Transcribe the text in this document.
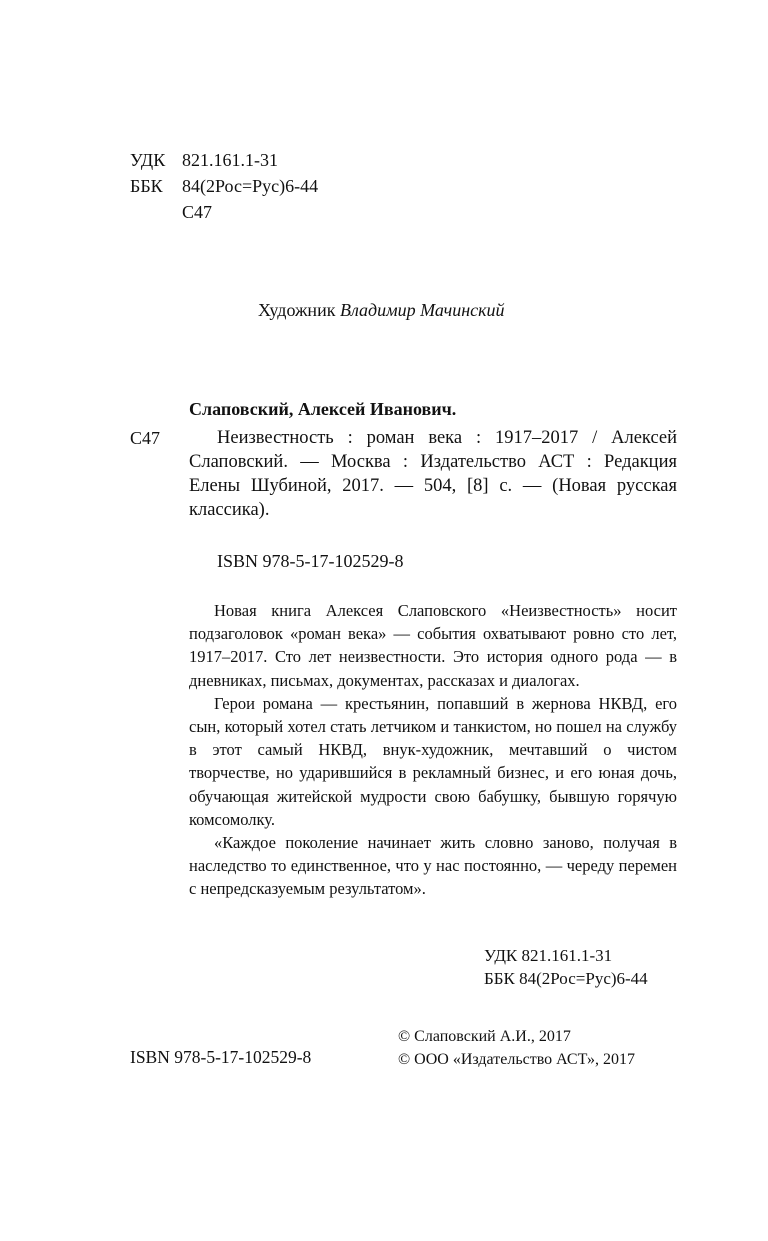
УДК 821.161.1-31
ББК 84(2Рос=Рус)6-44
С47
Художник Владимир Мачинский
Слаповский, Алексей Иванович.
С47	Неизвестность : роман века : 1917–2017 / Алексей Слаповский. — Москва : Издательство АСТ : Редакция Елены Шубиной, 2017. — 504, [8] с. — (Новая русская классика).
ISBN 978-5-17-102529-8

Новая книга Алексея Слаповского «Неизвестность» носит подзаголовок «роман века» — события охватывают ровно сто лет, 1917–2017. Сто лет неизвестности. Это история одного рода — в дневниках, письмах, документах, рассказах и диалогах.

Герои романа — крестьянин, попавший в жернова НКВД, его сын, который хотел стать летчиком и танкистом, но пошел на службу в этот самый НКВД, внук-художник, мечтавший о чистом творчестве, но ударившийся в рекламный бизнес, и его юная дочь, обучающая житейской мудрости свою бабушку, бывшую горячую комсомолку.

«Каждое поколение начинает жить словно заново, получая в наследство то единственное, что у нас постоянно, — череду перемен с непредсказуемым результатом».

УДК 821.161.1-31
ББК 84(2Рос=Рус)6-44
© Слаповский А.И., 2017
© ООО «Издательство АСТ», 2017
ISBN 978-5-17-102529-8
